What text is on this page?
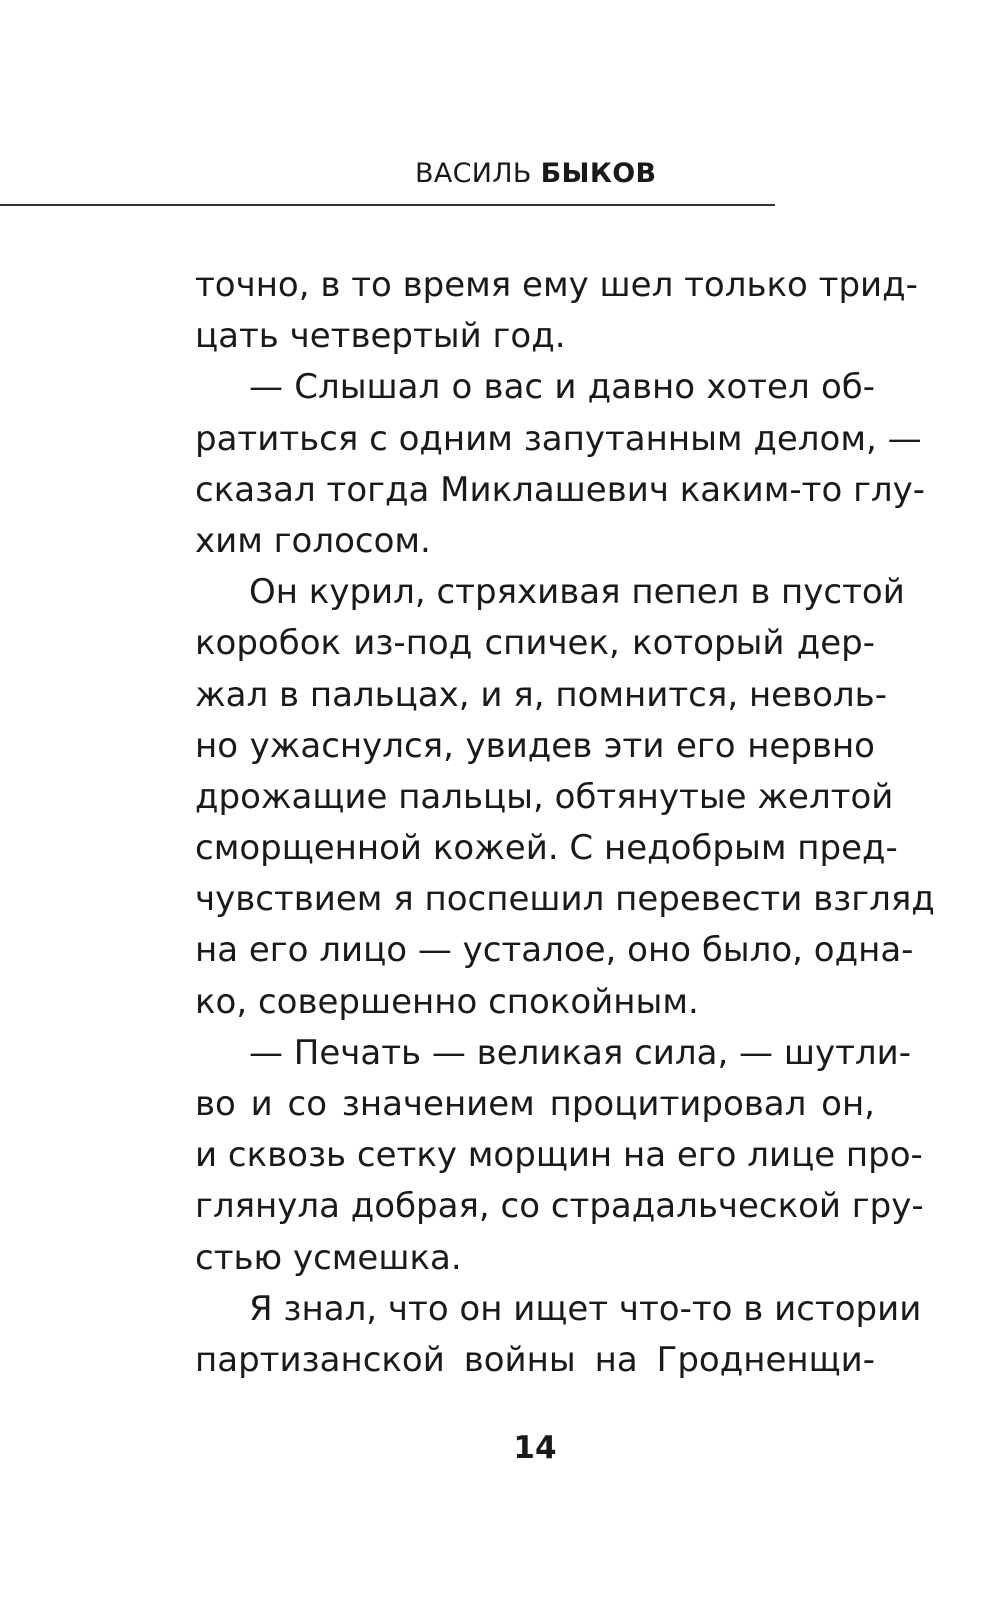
ВАСИЛЬ БЫКОВ
точно, в то время ему шел только трид-
цать четвертый год.
— Слышал о вас и давно хотел об-
ратиться с одним запутанным делом, —
сказал тогда Миклашевич каким-то глу-
хим голосом.
Он курил, стряхивая пепел в пустой
коробок из-под спичек, который дер-
жал в пальцах, и я, помнится, неволь-
но ужаснулся, увидев эти его нервно
дрожащие пальцы, обтянутые желтой
сморщенной кожей. С недобрым пред-
чувствием я поспешил перевести взгляд
на его лицо — усталое, оно было, одна-
ко, совершенно спокойным.
— Печать — великая сила, — шутли-
во и со значением процитировал он,
и сквозь сетку морщин на его лице про-
глянула добрая, со страдальческой гру-
стью усмешка.
Я знал, что он ищет что-то в истории
партизанской войны на Гродненщи-
14
